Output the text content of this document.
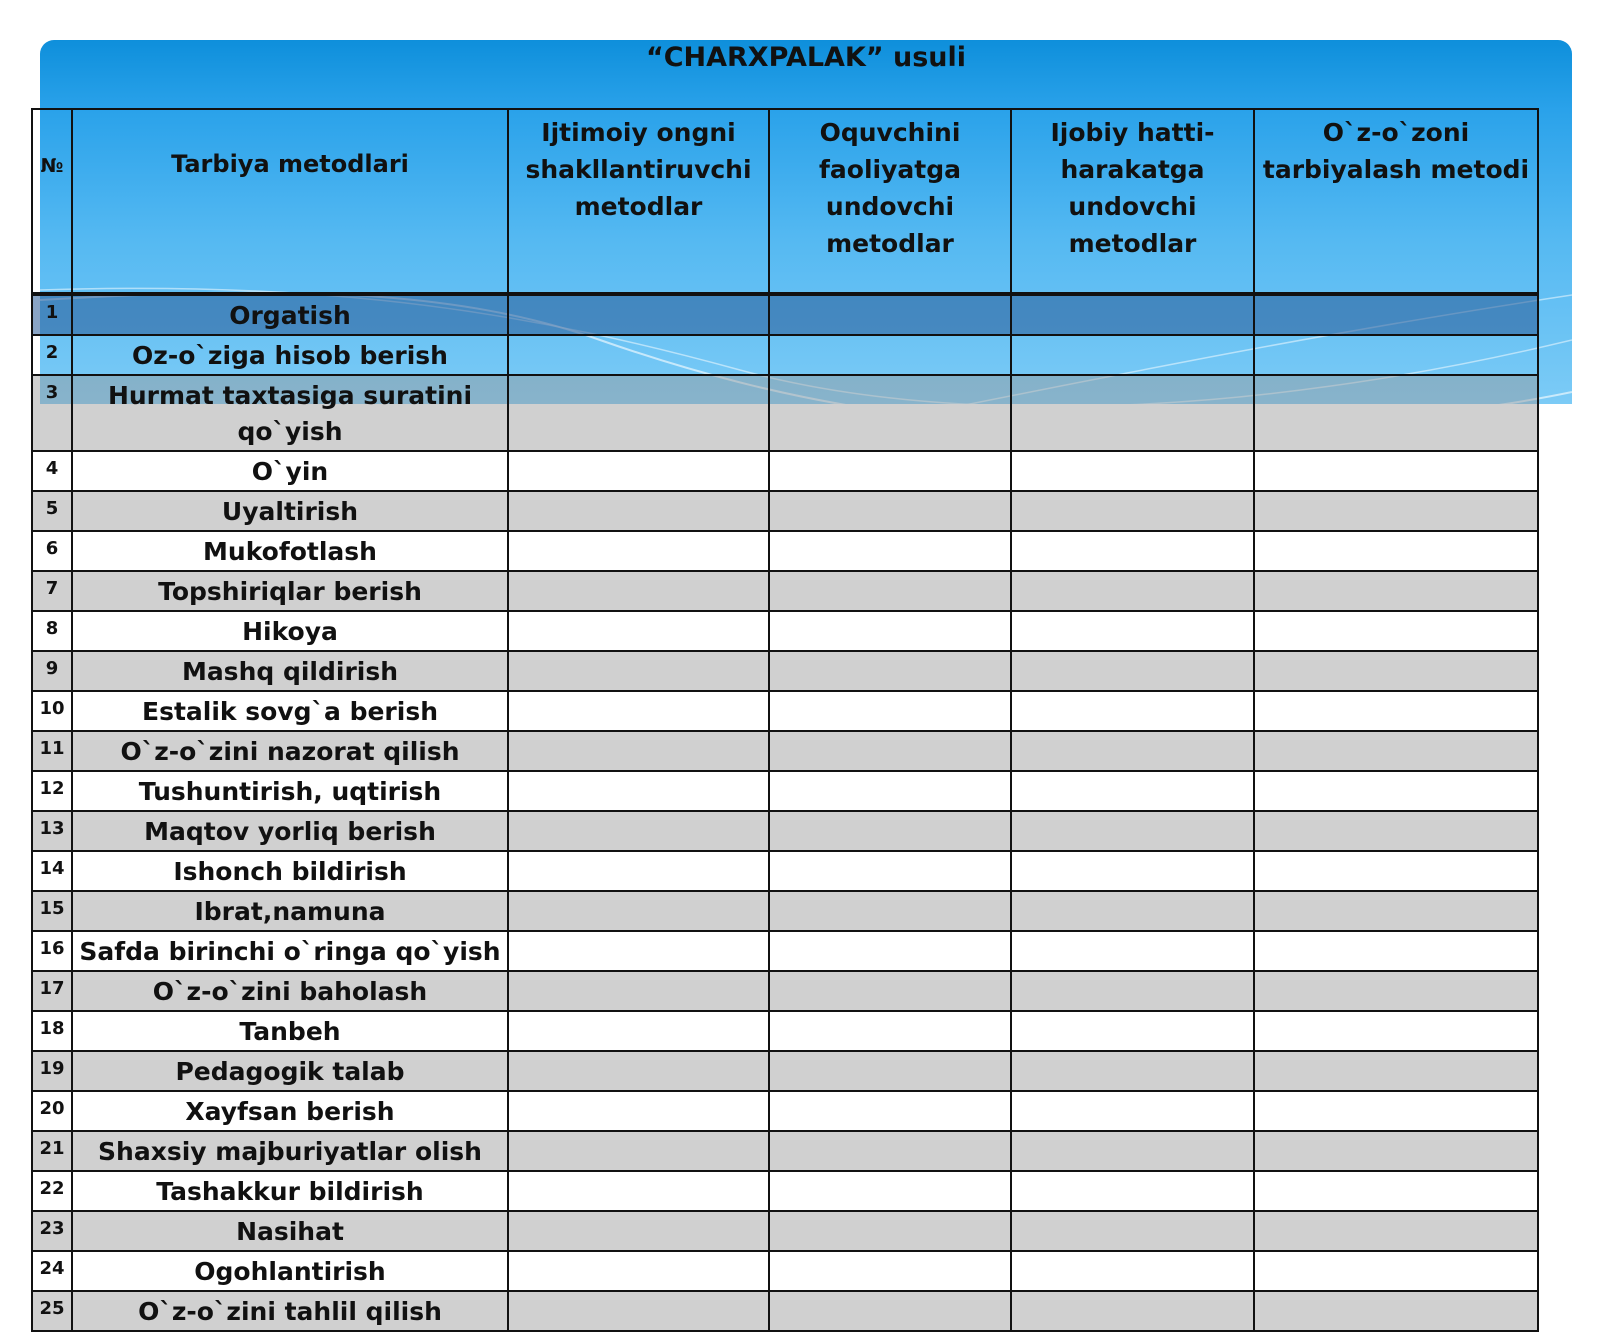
“CHARXPALAK” usuli
№	Tarbiya metodlari	Ijtimoiy ongni shakllantiruvchi metodlar	Oquvchini faoliyatga undovchi metodlar	Ijobiy hatti-harakatga undovchi metodlar	O`z-o`zoni tarbiyalash metodi
1	Orgatish				
2	Oz-o`ziga hisob berish				
3	Hurmat taxtasiga suratini qo`yish				
4	O`yin				
5	Uyaltirish				
6	Mukofotlash				
7	Topshiriqlar berish				
8	Hikoya				
9	Mashq qildirish				
10	Estalik sovg`a berish				
11	O`z-o`zini nazorat qilish				
12	Tushuntirish, uqtirish				
13	Maqtov yorliq berish				
14	Ishonch bildirish				
15	Ibrat,namuna				
16	Safda birinchi o`ringa qo`yish				
17	O`z-o`zini baholash				
18	Tanbeh				
19	Pedagogik talab				
20	Xayfsan berish				
21	Shaxsiy majburiyatlar olish				
22	Tashakkur bildirish				
23	Nasihat				
24	Ogohlantirish				
25	O`z-o`zini tahlil qilish				
